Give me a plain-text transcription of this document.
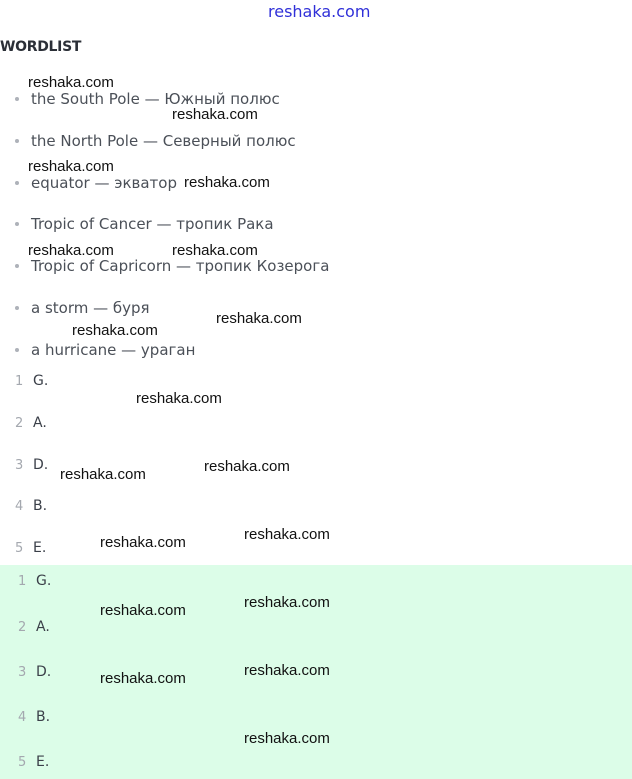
reshaka.com
WORDLIST
the South Pole — Южный полюс
the North Pole — Северный полюс
equator — экватор
Tropic of Cancer — тропик Рака
Tropic of Capricorn — тропик Козерога
a storm — буря
a hurricane — ураган
1 G.
2 A.
3 D.
4 B.
5 E.
1 G.
2 A.
3 D.
4 B.
5 E.
reshaka.com
reshaka.com
reshaka.com
reshaka.com
reshaka.com	reshaka.com
reshaka.com
reshaka.com
reshaka.com
reshaka.com
reshaka.com
reshaka.com
reshaka.com
reshaka.com
reshaka.com
reshaka.com
reshaka.com
reshaka.com
